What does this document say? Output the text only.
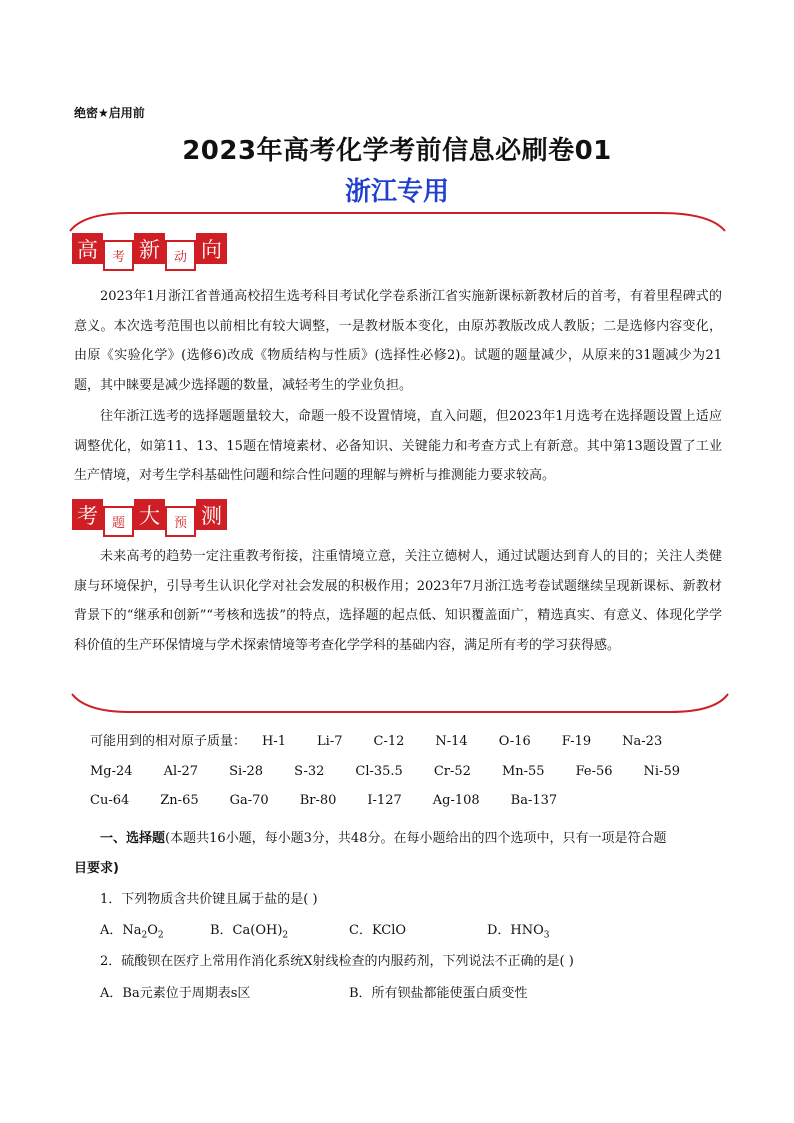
绝密★启用前
2023年高考化学考前信息必刷卷01
浙江专用
高	考 新	动 向

2023年1月浙江省普通高校招生选考科目考试化学卷系浙江省实施新课标新教材后的首考，有着里程碑式的意义。本次选考范围也以前相比有较大调整，一是教材版本变化，由原苏教版改成人教版；二是选修内容变化，由原《实验化学》(选修6)改成《物质结构与性质》(选择性必修2)。试题的题量减少，从原来的31题减少为21题，其中睐要是减少选择题的数量，减轻考生的学业负担。

往年浙江选考的选择题题量较大，命题一般不设置情境，直入问题，但2023年1月选考在选择题设置上适应调整优化，如第11、13、15题在情境素材、必备知识、关键能力和考查方式上有新意。其中第13题设置了工业生产情境，对考生学科基础性问题和综合性问题的理解与辨析与推测能力要求较高。

考	题 大	预 测

未来高考的趋势一定注重教考衔接，注重情境立意，关注立德树人，通过试题达到育人的目的；关注人类健康与环境保护，引导考生认识化学对社会发展的积极作用；2023年7月浙江选考卷试题继续呈现新课标、新教材背景下的“继承和创新”“考核和选拔”的特点，选择题的起点低、知识覆盖面广，精选真实、有意义、体现化学学科价值的生产环保情境与学术探索情境等考查化学学科的基础内容，满足所有考的学习获得感。

可能用到的相对原子质量： H-1 Li-7 C-12 N-14 O-16 F-19 Na-23Mg-24 Al-27 Si-28 S-32 Cl-35.5 Cr-52 Mn-55 Fe-56 Ni-59Cu-64 Zn-65 Ga-70 Br-80 I-127 Ag-108 Ba-137
一、选择题(本题共16小题，每小题3分，共48分。在每小题给出的四个选项中，只有一项是符合题
目要求)
1．下列物质含共价键且属于盐的是( )
A．$Na_2O_2$	B．$Ca(OH)_2$	C．KClO	D．$HNO_3$
2．硫酸钡在医疗上常用作消化系统X射线检查的内服药剂，下列说法不正确的是( )
A．Ba元素位于周期表s区	B．所有钡盐都能使蛋白质变性
